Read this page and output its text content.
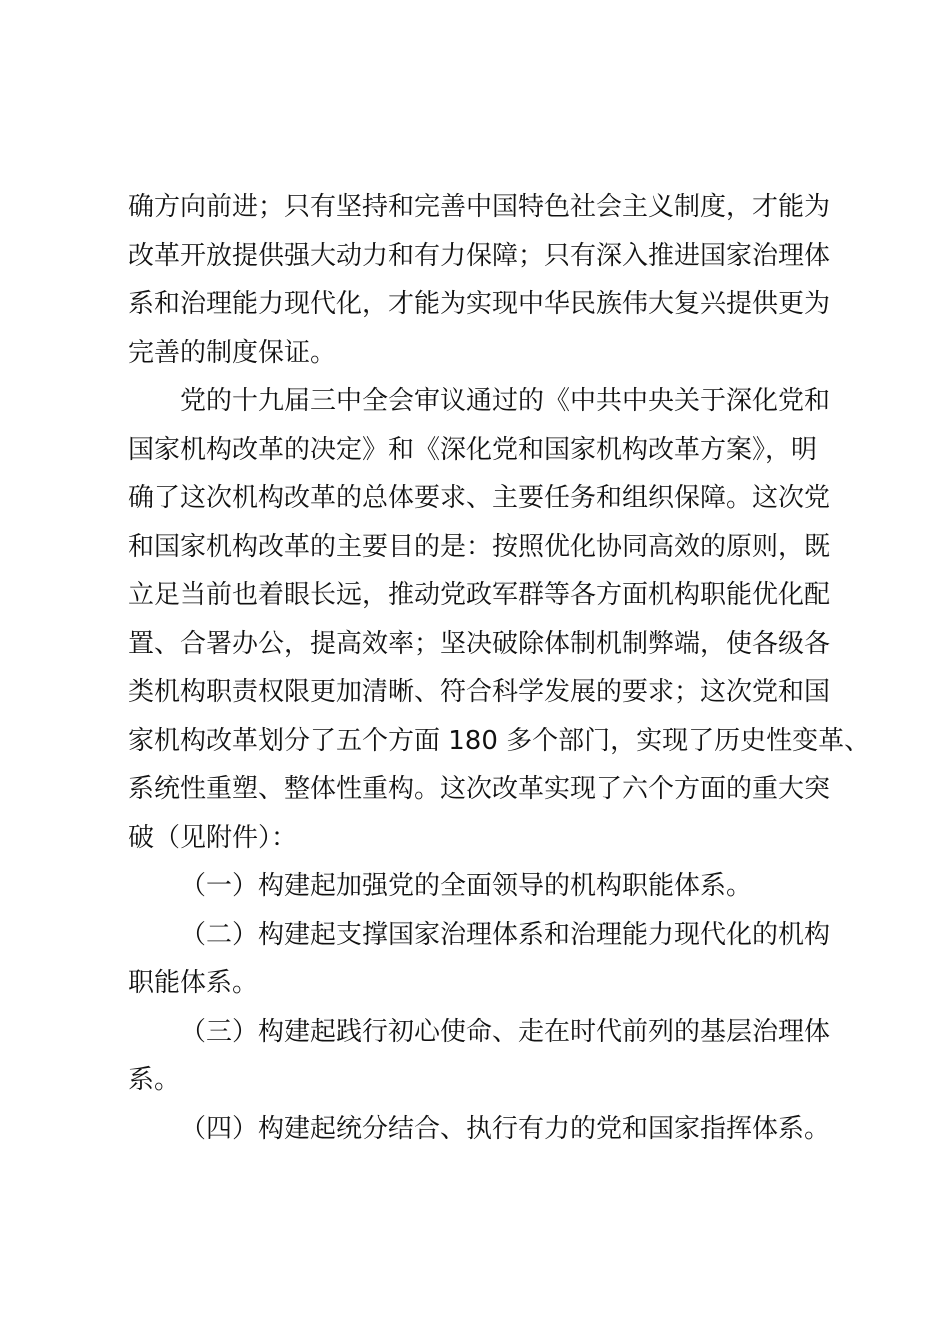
确方向前进；只有坚持和完善中国特色社会主义制度，才能为
改革开放提供强大动力和有力保障；只有深入推进国家治理体
系和治理能力现代化，才能为实现中华民族伟大复兴提供更为
完善的制度保证。
党的十九届三中全会审议通过的《中共中央关于深化党和
国家机构改革的决定》和《深化党和国家机构改革方案》，明
确了这次机构改革的总体要求、主要任务和组织保障。这次党
和国家机构改革的主要目的是：按照优化协同高效的原则，既
立足当前也着眼长远，推动党政军群等各方面机构职能优化配
置、合署办公，提高效率；坚决破除体制机制弊端，使各级各
类机构职责权限更加清晰、符合科学发展的要求；这次党和国
家机构改革划分了五个方面 180 多个部门，实现了历史性变革、
系统性重塑、整体性重构。这次改革实现了六个方面的重大突
破（见附件）：
（一）构建起加强党的全面领导的机构职能体系。
（二）构建起支撑国家治理体系和治理能力现代化的机构
职能体系。
（三）构建起践行初心使命、走在时代前列的基层治理体
系。
（四）构建起统分结合、执行有力的党和国家指挥体系。
